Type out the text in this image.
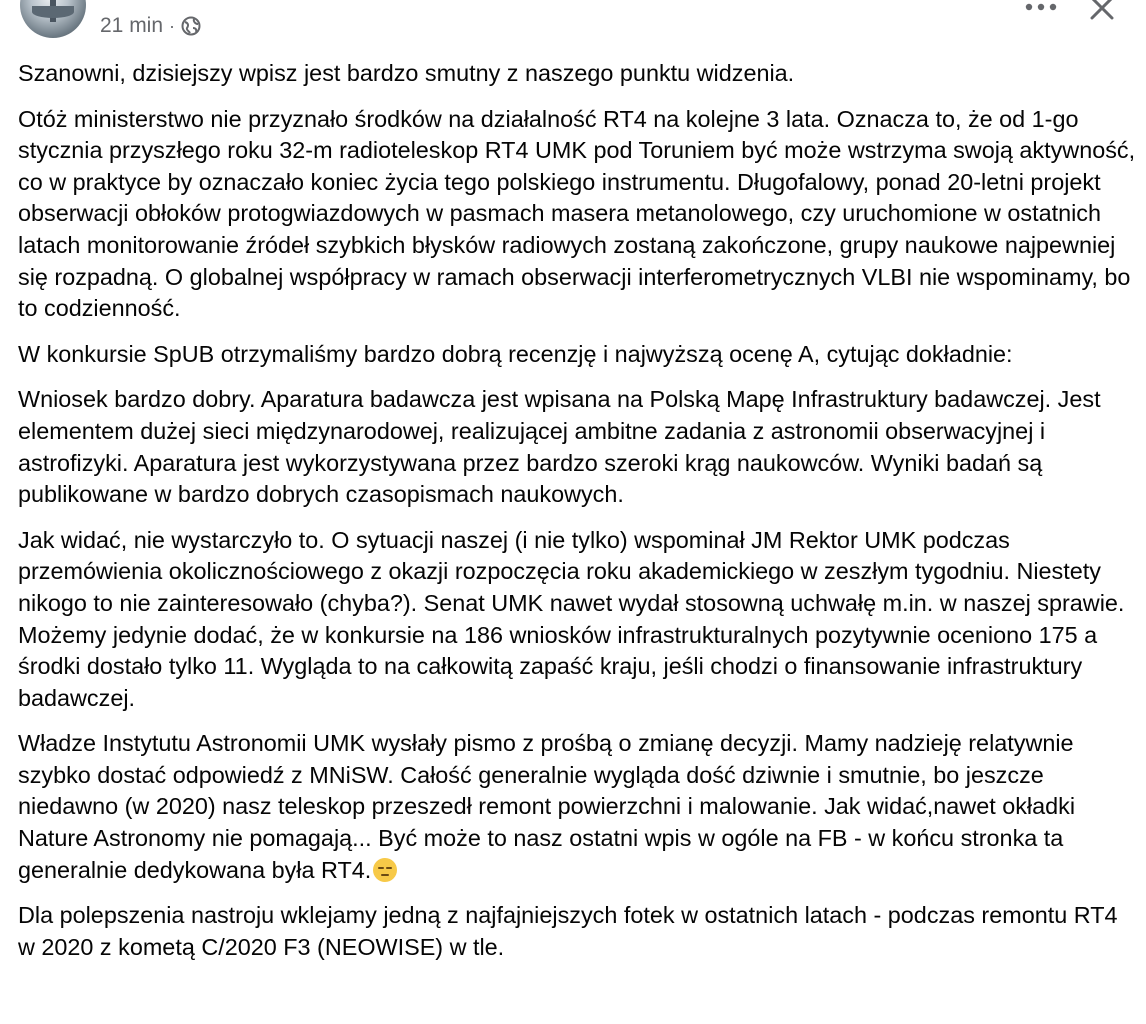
21 min ·

Szanowni, dzisiejszy wpisz jest bardzo smutny z naszego punktu widzenia.

Otóż ministerstwo nie przyznało środków na działalność RT4 na kolejne 3 lata. Oznacza to, że od 1-go stycznia przyszłego roku 32-m radioteleskop RT4 UMK pod Toruniem być może wstrzyma swoją aktywność, co w praktyce by oznaczało koniec życia tego polskiego instrumentu. Długofalowy, ponad 20-letni projekt obserwacji obłoków protogwiazdowych w pasmach masera metanolowego, czy uruchomione w ostatnich latach monitorowanie źródeł szybkich błysków radiowych zostaną zakończone, grupy naukowe najpewniej się rozpadną. O globalnej współpracy w ramach obserwacji interferometrycznych VLBI nie wspominamy, bo to codzienność.

W konkursie SpUB otrzymaliśmy bardzo dobrą recenzję i najwyższą ocenę A, cytując dokładnie:

Wniosek bardzo dobry. Aparatura badawcza jest wpisana na Polską Mapę Infrastruktury badawczej. Jest elementem dużej sieci międzynarodowej, realizującej ambitne zadania z astronomii obserwacyjnej i astrofizyki. Aparatura jest wykorzystywana przez bardzo szeroki krąg naukowców. Wyniki badań są publikowane w bardzo dobrych czasopismach naukowych.

Jak widać, nie wystarczyło to. O sytuacji naszej (i nie tylko) wspominał JM Rektor UMK podczas przemówienia okolicznościowego z okazji rozpoczęcia roku akademickiego w zeszłym tygodniu. Niestety nikogo to nie zainteresowało (chyba?). Senat UMK nawet wydał stosowną uchwałę m.in. w naszej sprawie. Możemy jedynie dodać, że w konkursie na 186 wniosków infrastrukturalnych pozytywnie oceniono 175 a środki dostało tylko 11. Wygląda to na całkowitą zapaść kraju, jeśli chodzi o finansowanie infrastruktury badawczej.

Władze Instytutu Astronomii UMK wysłały pismo z prośbą o zmianę decyzji. Mamy nadzieję relatywnie szybko dostać odpowiedź z MNiSW. Całość generalnie wygląda dość dziwnie i smutnie, bo jeszcze niedawno (w 2020) nasz teleskop przeszedł remont powierzchni i malowanie. Jak widać,nawet okładki Nature Astronomy nie pomagają... Być może to nasz ostatni wpis w ogóle na FB - w końcu stronka ta generalnie dedykowana była RT4.

Dla polepszenia nastroju wklejamy jedną z najfajniejszych fotek w ostatnich latach - podczas remontu RT4 w 2020 z kometą C/2020 F3 (NEOWISE) w tle.
